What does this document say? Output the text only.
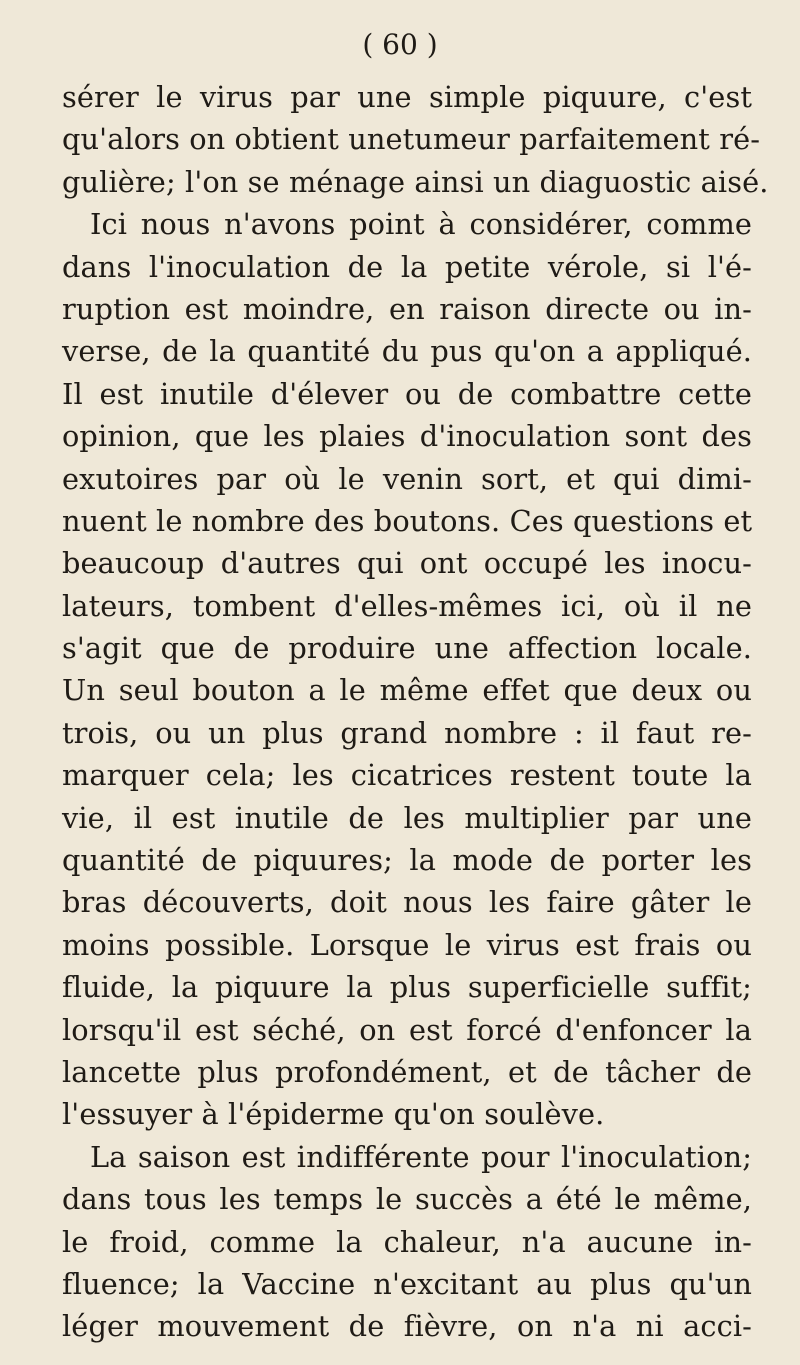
( 60 )
sérer le virus par une simple piquure, c'est
qu'alors on obtient unetumeur parfaitement ré-
gulière; l'on se ménage ainsi un diaguostic aisé.
Ici nous n'avons point à considérer, comme
dans l'inoculation de la petite vérole, si l'é-
ruption est moindre, en raison directe ou in-
verse, de la quantité du pus qu'on a appliqué.
Il est inutile d'élever ou de combattre cette
opinion, que les plaies d'inoculation sont des
exutoires par où le venin sort, et qui dimi-
nuent le nombre des boutons. Ces questions et
beaucoup d'autres qui ont occupé les inocu-
lateurs, tombent d'elles-mêmes ici, où il ne
s'agit que de produire une affection locale.
Un seul bouton a le même effet que deux ou
trois, ou un plus grand nombre : il faut re-
marquer cela; les cicatrices restent toute la
vie, il est inutile de les multiplier par une
quantité de piquures; la mode de porter les
bras découverts, doit nous les faire gâter le
moins possible. Lorsque le virus est frais ou
fluide, la piquure la plus superficielle suffit;
lorsqu'il est séché, on est forcé d'enfoncer la
lancette plus profondément, et de tâcher de
l'essuyer à l'épiderme qu'on soulève.
La saison est indifférente pour l'inoculation;
dans tous les temps le succès a été le même,
le froid, comme la chaleur, n'a aucune in-
fluence; la Vaccine n'excitant au plus qu'un
léger mouvement de fièvre, on n'a ni acci-
